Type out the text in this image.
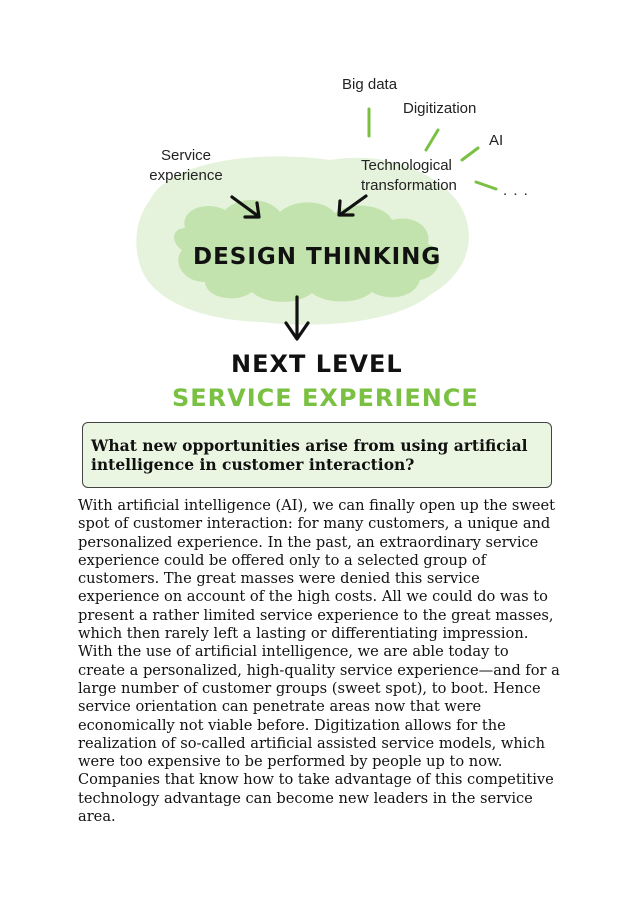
Big data
Digitization
AI
Technological
transformation	. . .
Service
experience
DESIGN THINKING
NEXT LEVEL
SERVICE EXPERIENCE
What new opportunities arise from using artificial intelligence in customer interaction?

With artificial intelligence (AI), we can finally open up the sweet spot of customer interaction: for many customers, a unique and personalized experience. In the past, an extraordinary service experience could be offered only to a selected group of customers. The great masses were denied this service experience on account of the high costs. All we could do was to present a rather limited service experience to the great masses, which then rarely left a lasting or differentiating impression. With the use of artificial intelligence, we are able today to create a personalized, high-quality service experience—and for a large number of customer groups (sweet spot), to boot. Hence service orientation can penetrate areas now that were economically not viable before. Digitization allows for the realization of so-called artificial assisted service models, which were too expensive to be performed by people up to now. Companies that know how to take advantage of this competitive technology advantage can become new leaders in the service area.
